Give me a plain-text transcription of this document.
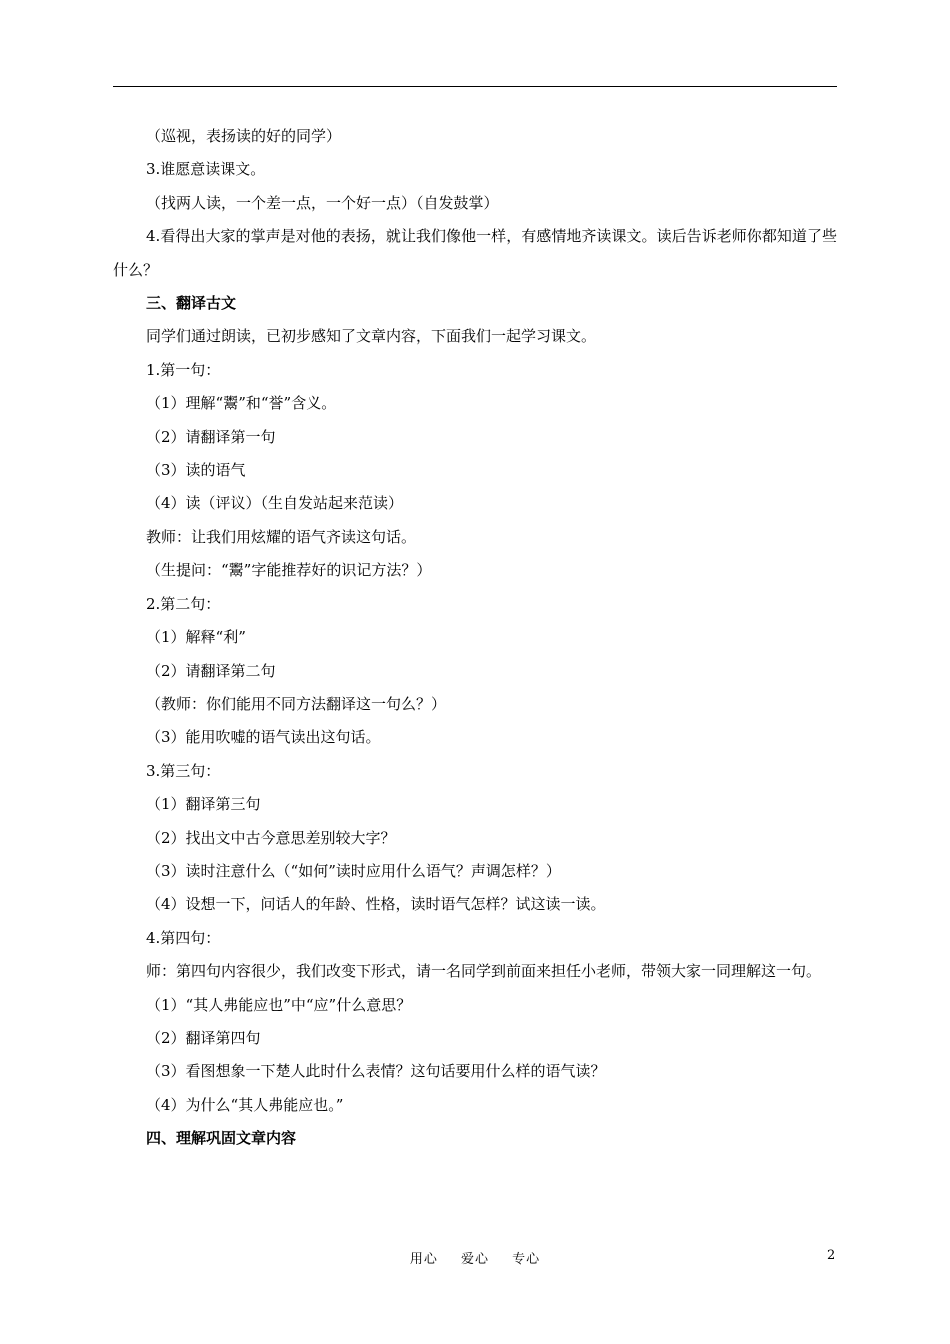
（巡视，表扬读的好的同学）

3.谁愿意读课文。

（找两人读，一个差一点，一个好一点）（自发鼓掌）

4.看得出大家的掌声是对他的表扬，就让我们像他一样，有感情地齐读课文。读后告诉老师你都知道了些什么？

三、翻译古文

同学们通过朗读，已初步感知了文章内容，下面我们一起学习课文。

1.第一句：

（1）理解“鬻”和“誉”含义。

（2）请翻译第一句

（3）读的语气

（4）读（评议）（生自发站起来范读）

教师：让我们用炫耀的语气齐读这句话。

（生提问：“鬻”字能推荐好的识记方法？）

2.第二句：

（1）解释“利”

（2）请翻译第二句

（教师：你们能用不同方法翻译这一句么？）

（3）能用吹嘘的语气读出这句话。

3.第三句：

（1）翻译第三句

（2）找出文中古今意思差别较大字？

（3）读时注意什么（“如何”读时应用什么语气？声调怎样？）

（4）设想一下，问话人的年龄、性格，读时语气怎样？试这读一读。

4.第四句：

师：第四句内容很少，我们改变下形式，请一名同学到前面来担任小老师，带领大家一同理解这一句。

（1）“其人弗能应也”中“应”什么意思？

（2）翻译第四句

（3）看图想象一下楚人此时什么表情？这句话要用什么样的语气读？

（4）为什么“其人弗能应也。”

四、理解巩固文章内容

用心 爱心 专心	2
